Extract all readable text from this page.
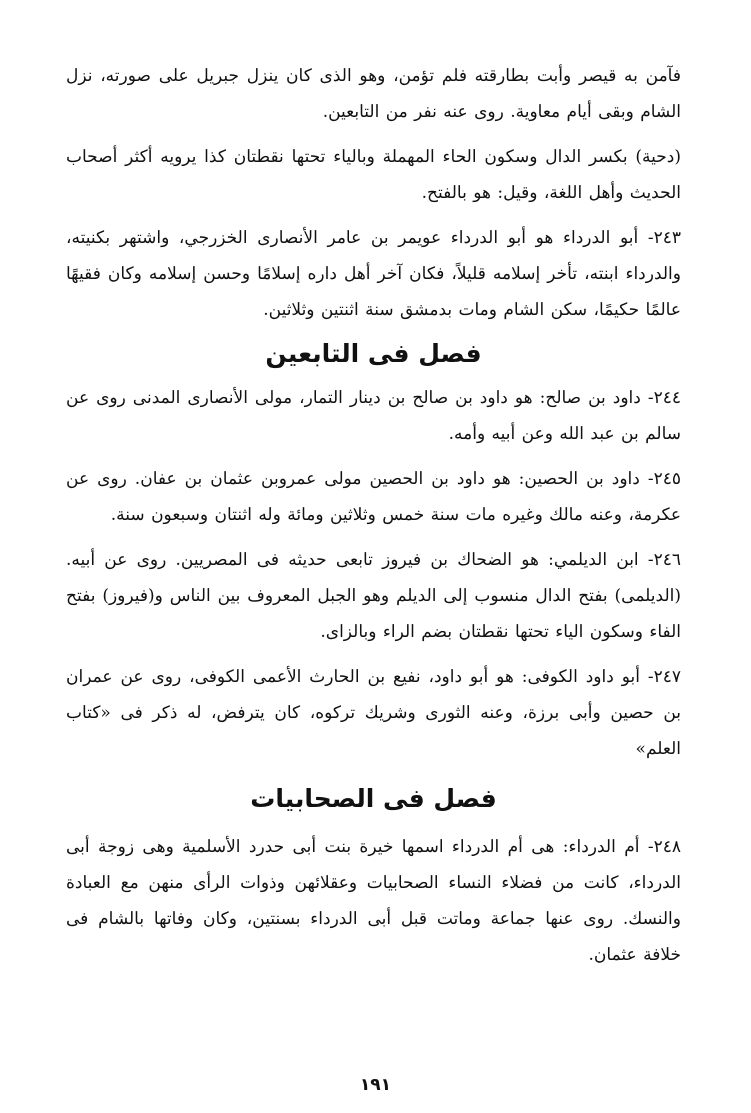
فآمن به قيصر وأبت بطارقته فلم تؤمن، وهو الذى كان ينزل جبريل على صورته، نزل الشام وبقى أيام معاوية. روى عنه نفر من التابعين.

(دحية) بكسر الدال وسكون الحاء المهملة وبالياء تحتها نقطتان كذا يرويه أكثر أصحاب الحديث وأهل اللغة، وقيل: هو بالفتح.

٢٤٣- أبو الدرداء هو أبو الدرداء عويمر بن عامر الأنصارى الخزرجي، واشتهر بكنيته، والدرداء ابنته، تأخر إسلامه قليلاً، فكان آخر أهل داره إسلامًا وحسن إسلامه وكان فقيهًا عالمًا حكيمًا، سكن الشام ومات بدمشق سنة اثنتين وثلاثين.

فصل فى التابعين

٢٤٤- داود بن صالح: هو داود بن صالح بن دينار التمار، مولى الأنصارى المدنى روى عن سالم بن عبد الله وعن أبيه وأمه.

٢٤٥- داود بن الحصين: هو داود بن الحصين مولى عمروبن عثمان بن عفان. روى عن عكرمة، وعنه مالك وغيره مات سنة خمس وثلاثين ومائة وله اثنتان وسبعون سنة.

٢٤٦- ابن الديلمي: هو الضحاك بن فيروز تابعى حديثه فى المصريين. روى عن أبيه. (الديلمى) بفتح الدال منسوب إلى الديلم وهو الجبل المعروف بين الناس و(فيروز) بفتح الفاء وسكون الياء تحتها نقطتان بضم الراء وبالزاى.

٢٤٧- أبو داود الكوفى: هو أبو داود، نفيع بن الحارث الأعمى الكوفى، روى عن عمران بن حصين وأبى برزة، وعنه الثورى وشريك تركوه، كان يترفض، له ذكر فى «كتاب العلم»

فصل فى الصحابيات

٢٤٨- أم الدرداء: هى أم الدرداء اسمها خيرة بنت أبى حدرد الأسلمية وهى زوجة أبى الدرداء، كانت من فضلاء النساء الصحابيات وعقلائهن وذوات الرأى منهن مع العبادة والنسك. روى عنها جماعة وماتت قبل أبى الدرداء بسنتين، وكان وفاتها بالشام فى خلافة عثمان.

١٩١
